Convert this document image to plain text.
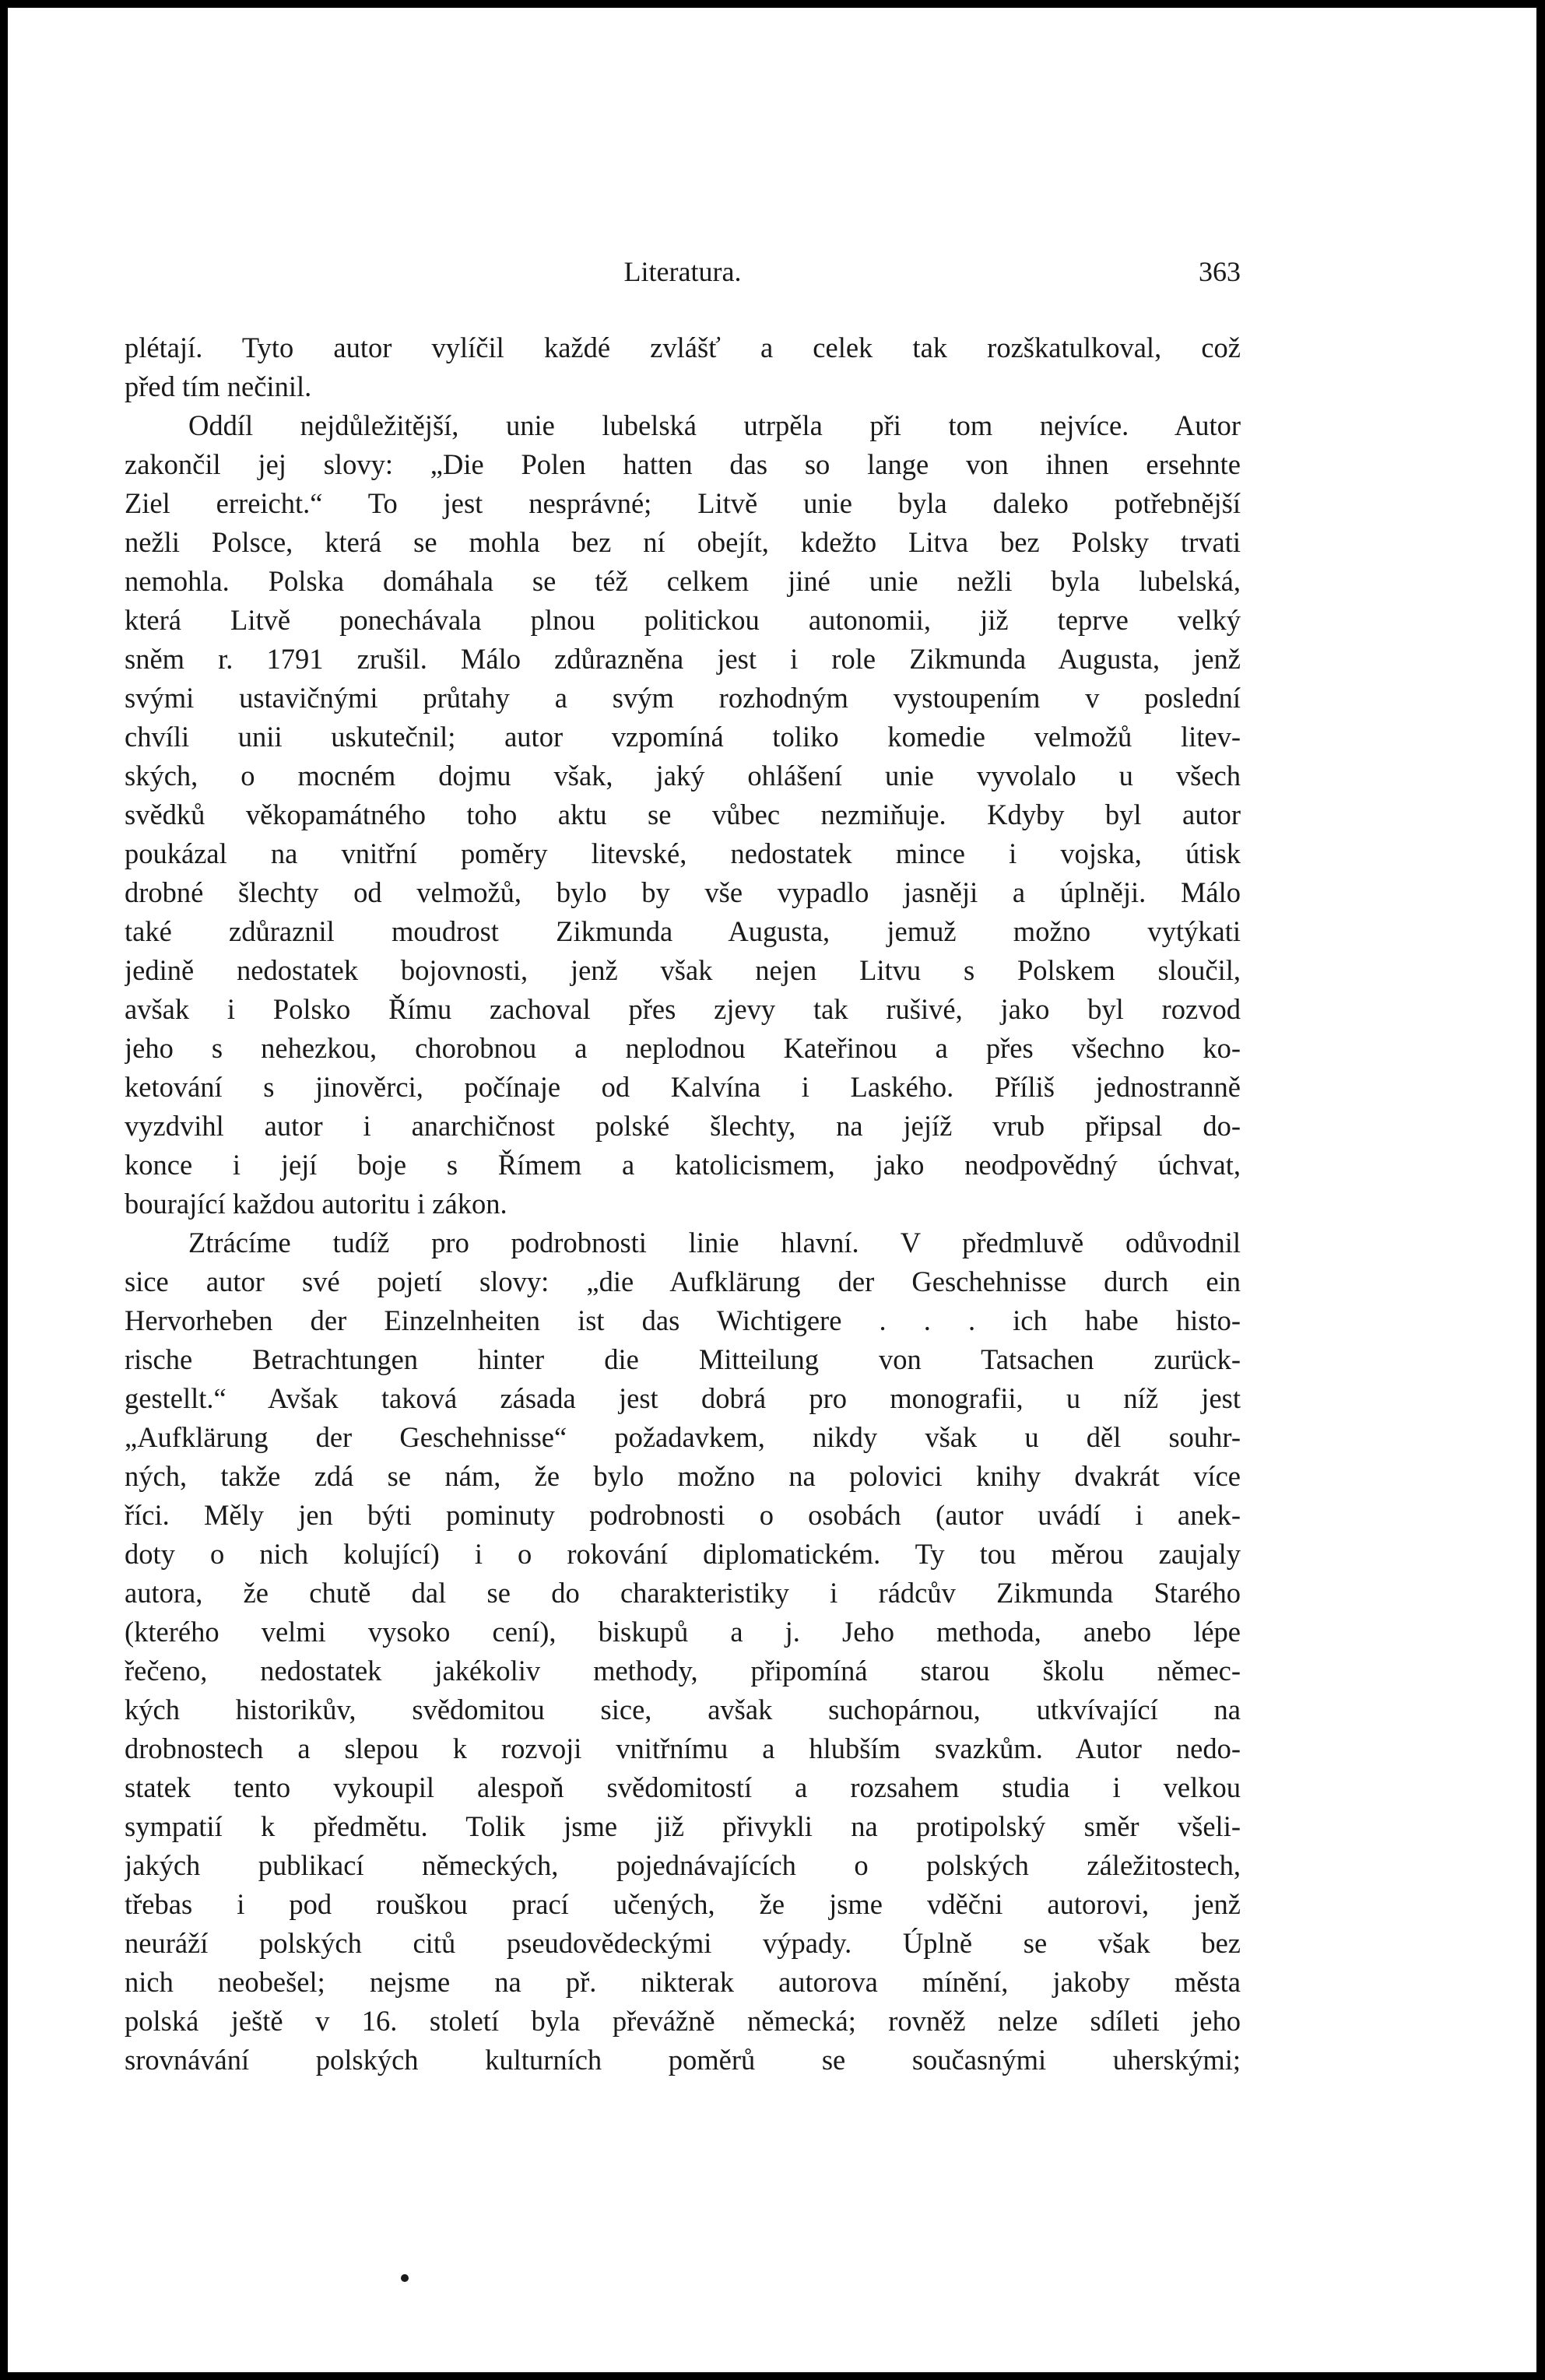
Literatura.	363
plétají. Tyto autor vylíčil každé zvlášť a celek tak rozškatulkoval, což
před tím nečinil.
Oddíl nejdůležitější, unie lubelská utrpěla při tom nejvíce. Autor
zakončil jej slovy: „Die Polen hatten das so lange von ihnen ersehnte
Ziel erreicht.“ To jest nesprávné; Litvě unie byla daleko potřebnější
nežli Polsce, která se mohla bez ní obejít, kdežto Litva bez Polsky trvati
nemohla. Polska domáhala se též celkem jiné unie nežli byla lubelská,
která Litvě ponechávala plnou politickou autonomii, již teprve velký
sněm r. 1791 zrušil. Málo zdůrazněna jest i role Zikmunda Augusta, jenž
svými ustavičnými průtahy a svým rozhodným vystoupením v poslední
chvíli unii uskutečnil; autor vzpomíná toliko komedie velmožů litev-
ských, o mocném dojmu však, jaký ohlášení unie vyvolalo u všech
svědků věkopamátného toho aktu se vůbec nezmiňuje. Kdyby byl autor
poukázal na vnitřní poměry litevské, nedostatek mince i vojska, útisk
drobné šlechty od velmožů, bylo by vše vypadlo jasněji a úplněji. Málo
také zdůraznil moudrost Zikmunda Augusta, jemuž možno vytýkati
jedině nedostatek bojovnosti, jenž však nejen Litvu s Polskem sloučil,
avšak i Polsko Římu zachoval přes zjevy tak rušivé, jako byl rozvod
jeho s nehezkou, chorobnou a neplodnou Kateřinou a přes všechno ko-
ketování s jinověrci, počínaje od Kalvína i Laského. Příliš jednostranně
vyzdvihl autor i anarchičnost polské šlechty, na jejíž vrub připsal do-
konce i její boje s Římem a katolicismem, jako neodpovědný úchvat,
bourající každou autoritu i zákon.
Ztrácíme tudíž pro podrobnosti linie hlavní. V předmluvě odůvodnil
sice autor své pojetí slovy: „die Aufklärung der Geschehnisse durch ein
Hervorheben der Einzelnheiten ist das Wichtigere . . . ich habe histo-
rische Betrachtungen hinter die Mitteilung von Tatsachen zurück-
gestellt.“ Avšak taková zásada jest dobrá pro monografii, u níž jest
„Aufklärung der Geschehnisse“ požadavkem, nikdy však u děl souhr-
ných, takže zdá se nám, že bylo možno na polovici knihy dvakrát více
říci. Měly jen býti pominuty podrobnosti o osobách (autor uvádí i anek-
doty o nich kolující) i o rokování diplomatickém. Ty tou měrou zaujaly
autora, že chutě dal se do charakteristiky i rádcův Zikmunda Starého
(kterého velmi vysoko cení), biskupů a j. Jeho methoda, anebo lépe
řečeno, nedostatek jakékoliv methody, připomíná starou školu němec-
kých historikův, svědomitou sice, avšak suchopárnou, utkvívající na
drobnostech a slepou k rozvoji vnitřnímu a hlubším svazkům. Autor nedo-
statek tento vykoupil alespoň svědomitostí a rozsahem studia i velkou
sympatií k předmětu. Tolik jsme již přivykli na protipolský směr všeli-
jakých publikací německých, pojednávajících o polských záležitostech,
třebas i pod rouškou prací učených, že jsme vděčni autorovi, jenž
neuráží polských citů pseudovědeckými výpady. Úplně se však bez
nich neobešel; nejsme na př. nikterak autorova mínění, jakoby města
polská ještě v 16. století byla převážně německá; rovněž nelze sdíleti jeho
srovnávání polských kulturních poměrů se současnými uherskými;
